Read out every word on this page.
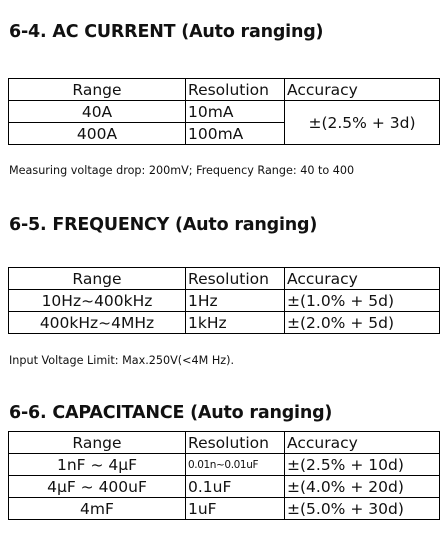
6-4. AC CURRENT (Auto ranging)
Range	Resolution	Accuracy
40A	10mA	±(2.5% + 3d)
400A	100mA	

Measuring voltage drop: 200mV; Frequency Range: 40 to 400

6-5. FREQUENCY (Auto ranging)
Range	Resolution	Accuracy
10Hz~400kHz	1Hz	±(1.0% + 5d)
400kHz~4MHz	1kHz	±(2.0% + 5d)

Input Voltage Limit: Max.250V(<4M Hz).

6-6. CAPACITANCE (Auto ranging)
Range	Resolution	Accuracy
1nF ~ 4µF	0.01n~0.01uF	±(2.5% + 10d)
4µF ~ 400uF	0.1uF	±(4.0% + 20d)
4mF	1uF	±(5.0% + 30d)
